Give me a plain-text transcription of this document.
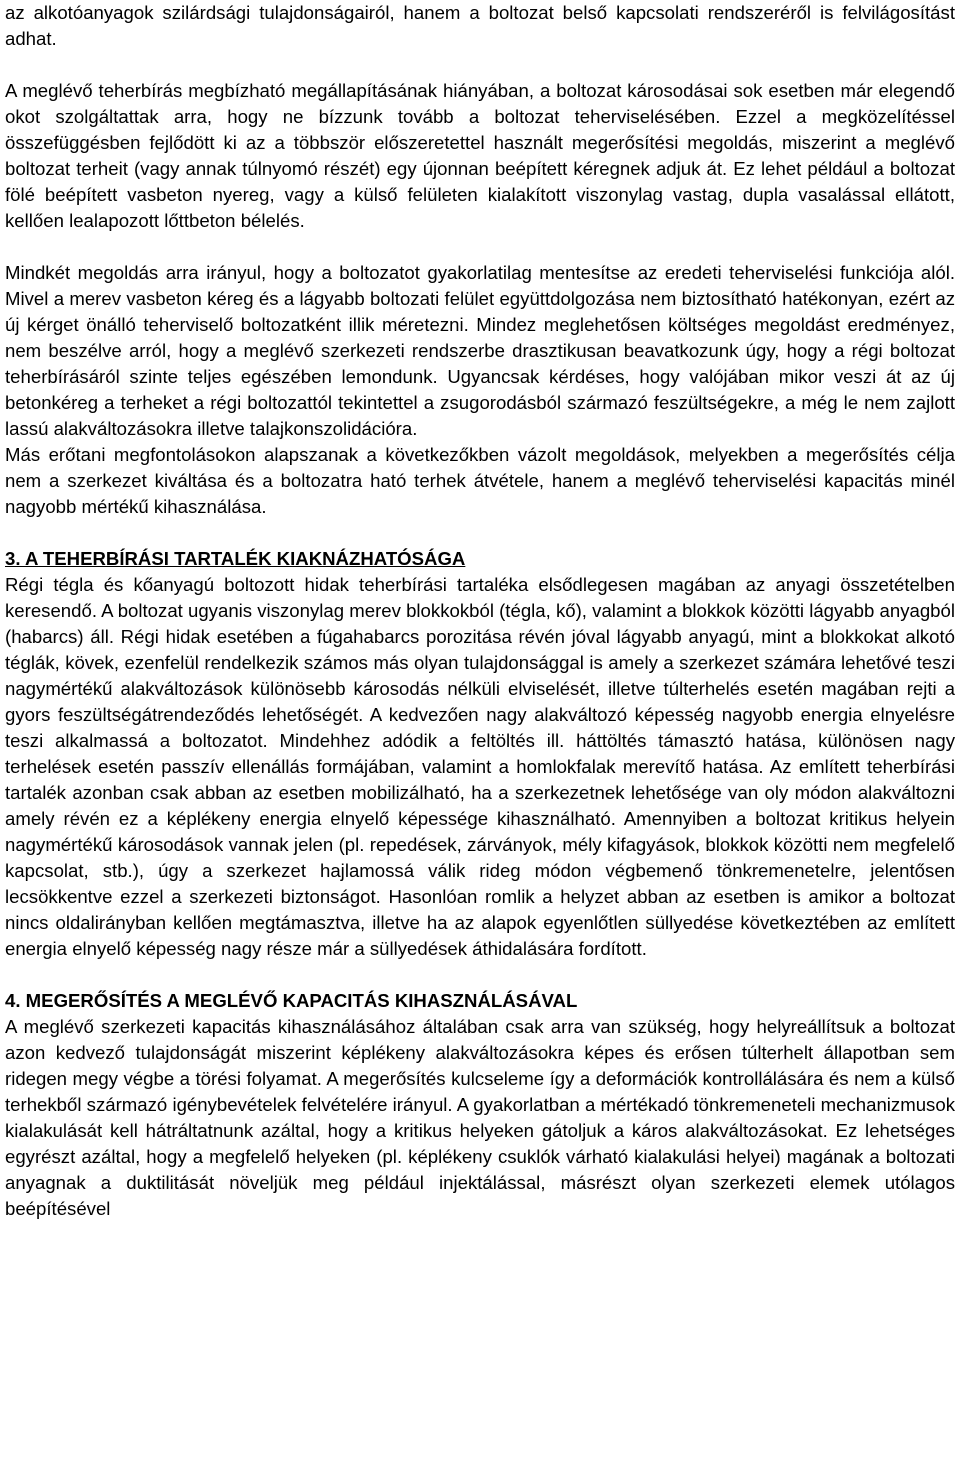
az alkotóanyagok szilárdsági tulajdonságairól, hanem a boltozat belső kapcsolati rendszeréről is felvilágosítást adhat.

A meglévő teherbírás megbízható megállapításának hiányában, a boltozat károsodásai sok esetben már elegendő okot szolgáltattak arra, hogy ne bízzunk tovább a boltozat teherviselésében. Ezzel a megközelítéssel összefüggésben fejlődött ki az a többször előszeretettel használt megerősítési megoldás, miszerint a meglévő boltozat terheit (vagy annak túlnyomó részét) egy újonnan beépített kéregnek adjuk át. Ez lehet például a boltozat fölé beépített vasbeton nyereg, vagy a külső felületen kialakított viszonylag vastag, dupla vasalással ellátott, kellően lealapozott lőttbeton bélelés.

Mindkét megoldás arra irányul, hogy a boltozatot gyakorlatilag mentesítse az eredeti teherviselési funkciója alól. Mivel a merev vasbeton kéreg és a lágyabb boltozati felület együttdolgozása nem biztosítható hatékonyan, ezért az új kérget önálló teherviselő boltozatként illik méretezni. Mindez meglehetősen költséges megoldást eredményez, nem beszélve arról, hogy a meglévő szerkezeti rendszerbe drasztikusan beavatkozunk úgy, hogy a régi boltozat teherbírásáról szinte teljes egészében lemondunk. Ugyancsak kérdéses, hogy valójában mikor veszi át az új betonkéreg a terheket a régi boltozattól tekintettel a zsugorodásból származó feszültségekre, a még le nem zajlott lassú alakváltozásokra illetve talajkonszolidációra.

Más erőtani megfontolásokon alapszanak a következőkben vázolt megoldások, melyekben a megerősítés célja nem a szerkezet kiváltása és a boltozatra ható terhek átvétele, hanem a meglévő teherviselési kapacitás minél nagyobb mértékű kihasználása.

3. A TEHERBÍRÁSI TARTALÉK KIAKNÁZHATÓSÁGA

Régi tégla és kőanyagú boltozott hidak teherbírási tartaléka elsődlegesen magában az anyagi összetételben keresendő. A boltozat ugyanis viszonylag merev blokkokból (tégla, kő), valamint a blokkok közötti lágyabb anyagból (habarcs) áll. Régi hidak esetében a fúgahabarcs porozitása révén jóval lágyabb anyagú, mint a blokkokat alkotó téglák, kövek, ezenfelül rendelkezik számos más olyan tulajdonsággal is amely a szerkezet számára lehetővé teszi nagymértékű alakváltozások különösebb károsodás nélküli elviselését, illetve túlterhelés esetén magában rejti a gyors feszültségátrendeződés lehetőségét. A kedvezően nagy alakváltozó képesség nagyobb energia elnyelésre teszi alkalmassá a boltozatot. Mindehhez adódik a feltöltés ill. háttöltés támasztó hatása, különösen nagy terhelések esetén passzív ellenállás formájában, valamint a homlokfalak merevítő hatása. Az említett teherbírási tartalék azonban csak abban az esetben mobilizálható, ha a szerkezetnek lehetősége van oly módon alakváltozni amely révén ez a képlékeny energia elnyelő képessége kihasználható. Amennyiben a boltozat kritikus helyein nagymértékű károsodások vannak jelen (pl. repedések, zárványok, mély kifagyások, blokkok közötti nem megfelelő kapcsolat, stb.), úgy a szerkezet hajlamossá válik rideg módon végbemenő tönkremenetelre, jelentősen lecsökkentve ezzel a szerkezeti biztonságot. Hasonlóan romlik a helyzet abban az esetben is amikor a boltozat nincs oldalirányban kellően megtámasztva, illetve ha az alapok egyenlőtlen süllyedése következtében az említett energia elnyelő képesség nagy része már a süllyedések áthidalására fordított.

4. MEGERŐSÍTÉS A MEGLÉVŐ KAPACITÁS KIHASZNÁLÁSÁVAL

A meglévő szerkezeti kapacitás kihasználásához általában csak arra van szükség, hogy helyreállítsuk a boltozat azon kedvező tulajdonságát miszerint képlékeny alakváltozásokra képes és erősen túlterhelt állapotban sem ridegen megy végbe a törési folyamat. A megerősítés kulcseleme így a deformációk kontrollálására és nem a külső terhekből származó igénybevételek felvételére irányul. A gyakorlatban a mértékadó tönkremeneteli mechanizmusok kialakulását kell hátráltatnunk azáltal, hogy a kritikus helyeken gátoljuk a káros alakváltozásokat. Ez lehetséges egyrészt azáltal, hogy a megfelelő helyeken (pl. képlékeny csuklók várható kialakulási helyei) magának a boltozati anyagnak a duktilitását növeljük meg például injektálással, másrészt olyan szerkezeti elemek utólagos beépítésével
